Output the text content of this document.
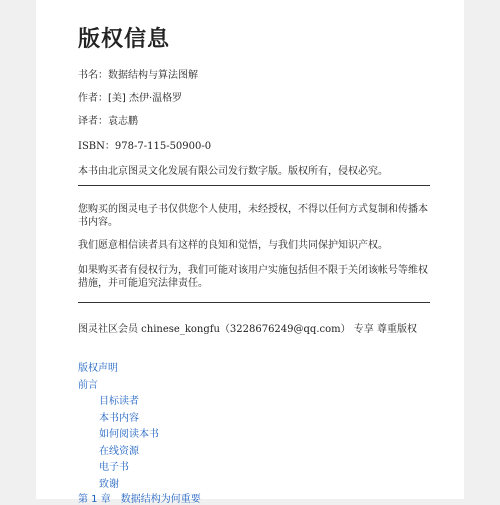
版权信息
书名：数据结构与算法图解
作者：[美] 杰伊·温格罗
译者：袁志鹏
ISBN：978-7-115-50900-0
本书由北京图灵文化发展有限公司发行数字版。版权所有，侵权必究。
您购买的图灵电子书仅供您个人使用，未经授权，不得以任何方式复制和传播本书内容。
我们愿意相信读者具有这样的良知和觉悟，与我们共同保护知识产权。
如果购买者有侵权行为，我们可能对该用户实施包括但不限于关闭该帐号等维权措施，并可能追究法律责任。
图灵社区会员 chinese_kongfu（3228676249@qq.com） 专享 尊重版权
版权声明
前言
目标读者
本书内容
如何阅读本书
在线资源
电子书
致谢
第 1 章　数据结构为何重要
